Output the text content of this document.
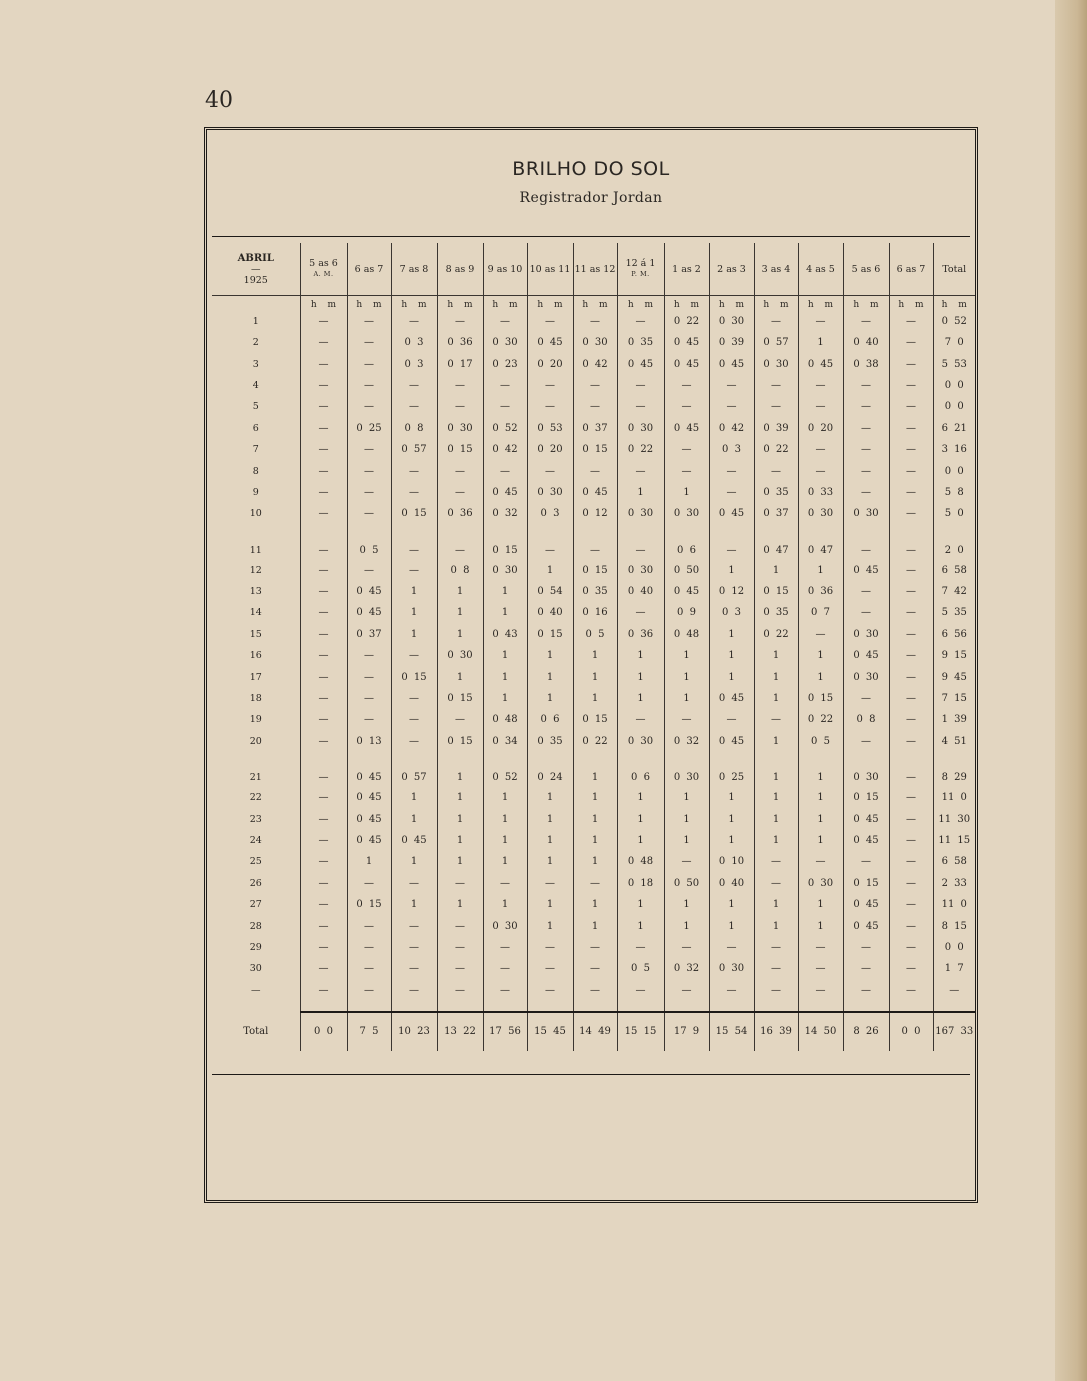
40
BRILHO DO SOL
Registrador Jordan
ABRIL
—
1925	5 as 6
A. M.	6 as 7	7 as 8	8 as 9	9 as 10	10 as 11	11 as 12	12 á 1
P. M.	1 as 2	2 as 3	3 as 4	4 as 5	5 as 6	6 as 7	Total

	h m	h m	h m	h m	h m	h m	h m	h m	h m	h m	h m	h m	h m	h m	h m
1	—	—	—	—	—	—	—	—	0 22	0 30	—	—	—	—	0 52
2	—	—	0 3	0 36	0 30	0 45	0 30	0 35	0 45	0 39	0 57	1	0 40	—	7 0
3	—	—	0 3	0 17	0 23	0 20	0 42	0 45	0 45	0 45	0 30	0 45	0 38	—	5 53
4	—	—	—	—	—	—	—	—	—	—	—	—	—	—	0 0
5	—	—	—	—	—	—	—	—	—	—	—	—	—	—	0 0
6	—	0 25	0 8	0 30	0 52	0 53	0 37	0 30	0 45	0 42	0 39	0 20	—	—	6 21
7	—	—	0 57	0 15	0 42	0 20	0 15	0 22	—	0 3	0 22	—	—	—	3 16
8	—	—	—	—	—	—	—	—	—	—	—	—	—	—	0 0
9	—	—	—	—	0 45	0 30	0 45	1	1	—	0 35	0 33	—	—	5 8
10	—	—	0 15	0 36	0 32	0 3	0 12	0 30	0 30	0 45	0 37	0 30	0 30	—	5 0
11	—	0 5	—	—	0 15	—	—	—	0 6	—	0 47	0 47	—	—	2 0
12	—	—	—	0 8	0 30	1	0 15	0 30	0 50	1	1	1	0 45	—	6 58
13	—	0 45	1	1	1	0 54	0 35	0 40	0 45	0 12	0 15	0 36	—	—	7 42
14	—	0 45	1	1	1	0 40	0 16	—	0 9	0 3	0 35	0 7	—	—	5 35
15	—	0 37	1	1	0 43	0 15	0 5	0 36	0 48	1	0 22	—	0 30	—	6 56
16	—	—	—	0 30	1	1	1	1	1	1	1	1	0 45	—	9 15
17	—	—	0 15	1	1	1	1	1	1	1	1	1	0 30	—	9 45
18	—	—	—	0 15	1	1	1	1	1	0 45	1	0 15	—	—	7 15
19	—	—	—	—	0 48	0 6	0 15	—	—	—	—	0 22	0 8	—	1 39
20	—	0 13	—	0 15	0 34	0 35	0 22	0 30	0 32	0 45	1	0 5	—	—	4 51
21	—	0 45	0 57	1	0 52	0 24	1	0 6	0 30	0 25	1	1	0 30	—	8 29
22	—	0 45	1	1	1	1	1	1	1	1	1	1	0 15	—	11 0
23	—	0 45	1	1	1	1	1	1	1	1	1	1	0 45	—	11 30
24	—	0 45	0 45	1	1	1	1	1	1	1	1	1	0 45	—	11 15
25	—	1	1	1	1	1	1	0 48	—	0 10	—	—	—	—	6 58
26	—	—	—	—	—	—	—	0 18	0 50	0 40	—	0 30	0 15	—	2 33
27	—	0 15	1	1	1	1	1	1	1	1	1	1	0 45	—	11 0
28	—	—	—	—	0 30	1	1	1	1	1	1	1	0 45	—	8 15
29	—	—	—	—	—	—	—	—	—	—	—	—	—	—	0 0
30	—	—	—	—	—	—	—	0 5	0 32	0 30	—	—	—	—	1 7
—	—	—	—	—	—	—	—	—	—	—	—	—	—	—	—

Total	0 0	7 5	10 23	13 22	17 56	15 45	14 49	15 15	17 9	15 54	16 39	14 50	8 26	0 0	167 33
